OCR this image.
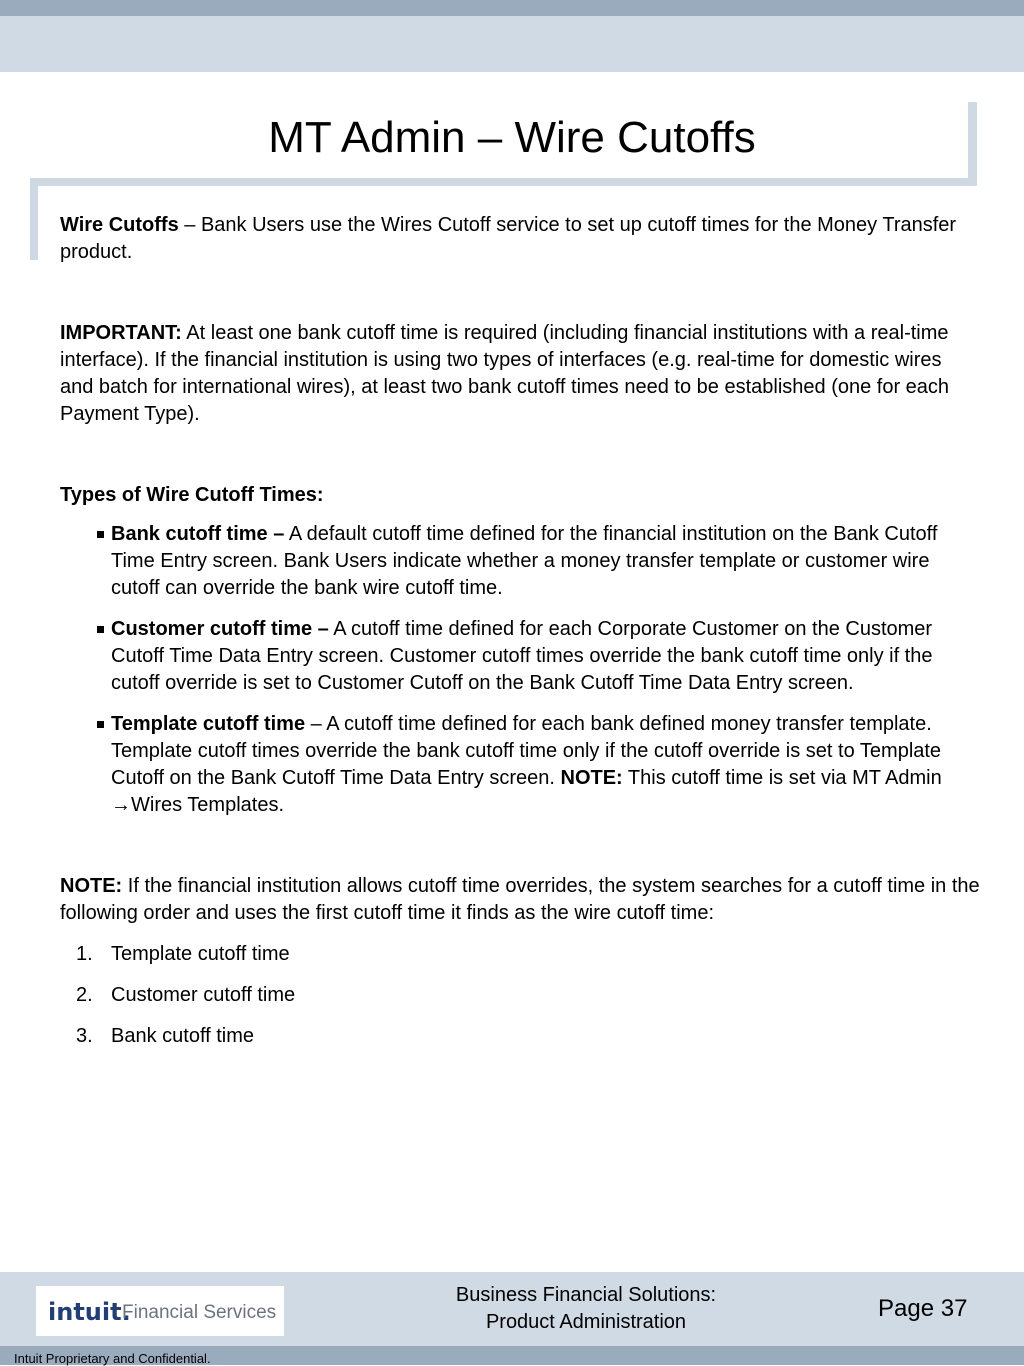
MT Admin – Wire Cutoffs

Wire Cutoffs – Bank Users use the Wires Cutoff service to set up cutoff times for the Money Transfer product.

IMPORTANT: At least one bank cutoff time is required (including financial institutions with a real-time interface). If the financial institution is using two types of interfaces (e.g. real-time for domestic wires and batch for international wires), at least two bank cutoff times need to be established (one for each Payment Type).

Types of Wire Cutoff Times:

Bank cutoff time – A default cutoff time defined for the financial institution on the Bank Cutoff Time Entry screen. Bank Users indicate whether a money transfer template or customer wire cutoff can override the bank wire cutoff time.
Customer cutoff time – A cutoff time defined for each Corporate Customer on the Customer Cutoff Time Data Entry screen. Customer cutoff times override the bank cutoff time only if the cutoff override is set to Customer Cutoff on the Bank Cutoff Time Data Entry screen.
Template cutoff time – A cutoff time defined for each bank defined money transfer template. Template cutoff times override the bank cutoff time only if the cutoff override is set to Template Cutoff on the Bank Cutoff Time Data Entry screen. NOTE: This cutoff time is set via MT Admin →Wires Templates.

NOTE: If the financial institution allows cutoff time overrides, the system searches for a cutoff time in the following order and uses the first cutoff time it finds as the wire cutoff time:

1. Template cutoff time
2. Customer cutoff time
3. Bank cutoff time
intuit.
Financial Services
Business Financial Solutions:
Product Administration	Page 37
Intuit Proprietary and Confidential.
